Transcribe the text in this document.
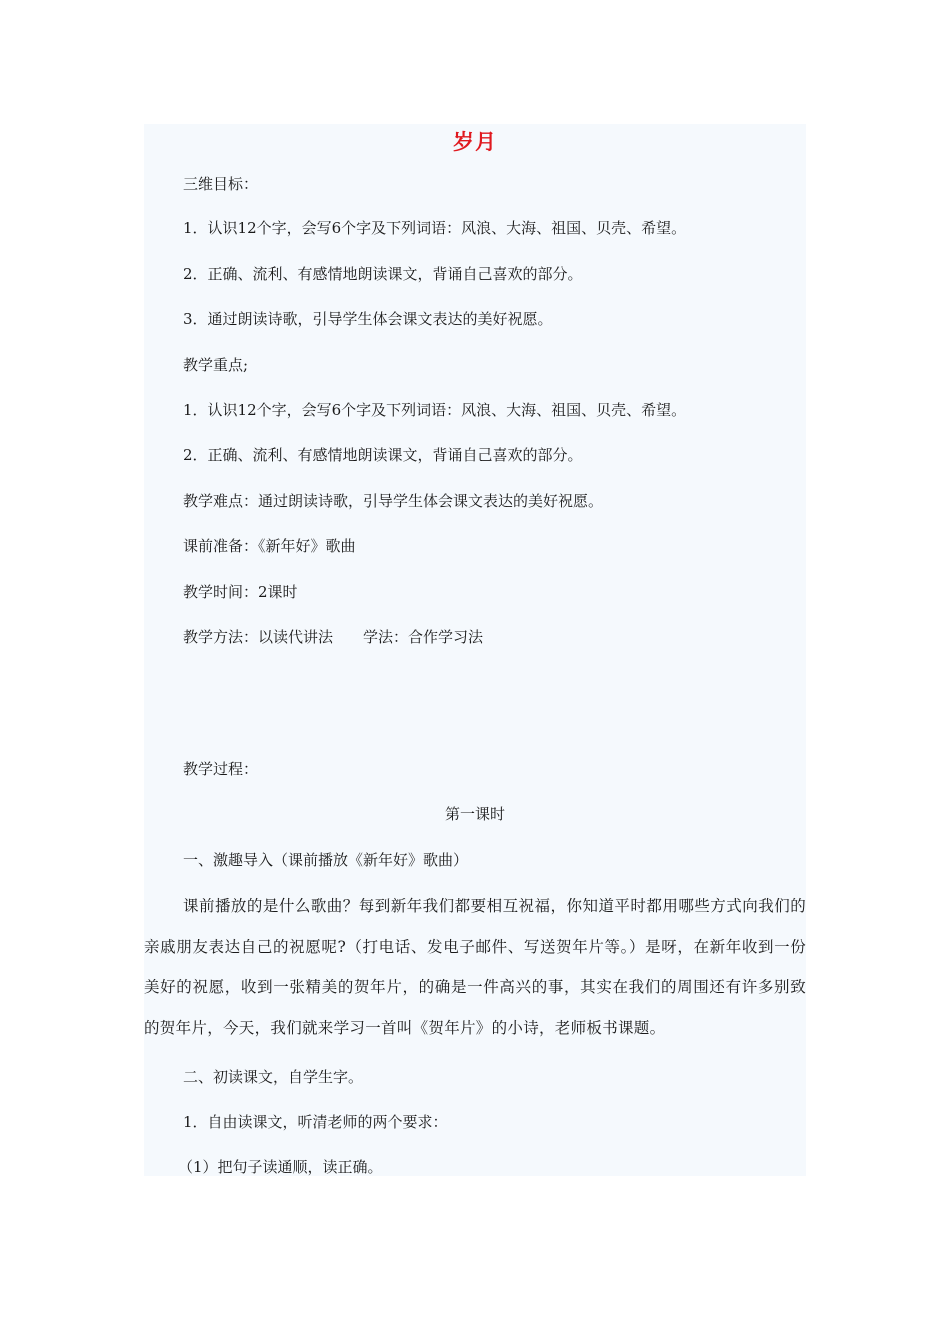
岁月
三维目标：
1．认识12个字，会写6个字及下列词语：风浪、大海、祖国、贝壳、希望。
2．正确、流利、有感情地朗读课文，背诵自己喜欢的部分。
3．通过朗读诗歌，引导学生体会课文表达的美好祝愿。
教学重点;
1．认识12个字，会写6个字及下列词语：风浪、大海、祖国、贝壳、希望。
2．正确、流利、有感情地朗读课文，背诵自己喜欢的部分。
教学难点：通过朗读诗歌，引导学生体会课文表达的美好祝愿。
课前准备：《新年好》歌曲
教学时间：2课时
教学方法：以读代讲法　　学法：合作学习法
教学过程：
第一课时
一、激趣导入（课前播放《新年好》歌曲）
课前播放的是什么歌曲？每到新年我们都要相互祝福，你知道平时都用哪些方式向我们的亲戚朋友表达自己的祝愿呢?（打电话、发电子邮件、写送贺年片等。）是呀，在新年收到一份美好的祝愿，收到一张精美的贺年片，的确是一件高兴的事，其实在我们的周围还有许多别致的贺年片，今天，我们就来学习一首叫《贺年片》的小诗，老师板书课题。
二、初读课文，自学生字。
1．自由读课文，听清老师的两个要求：
（1）把句子读通顺，读正确。
